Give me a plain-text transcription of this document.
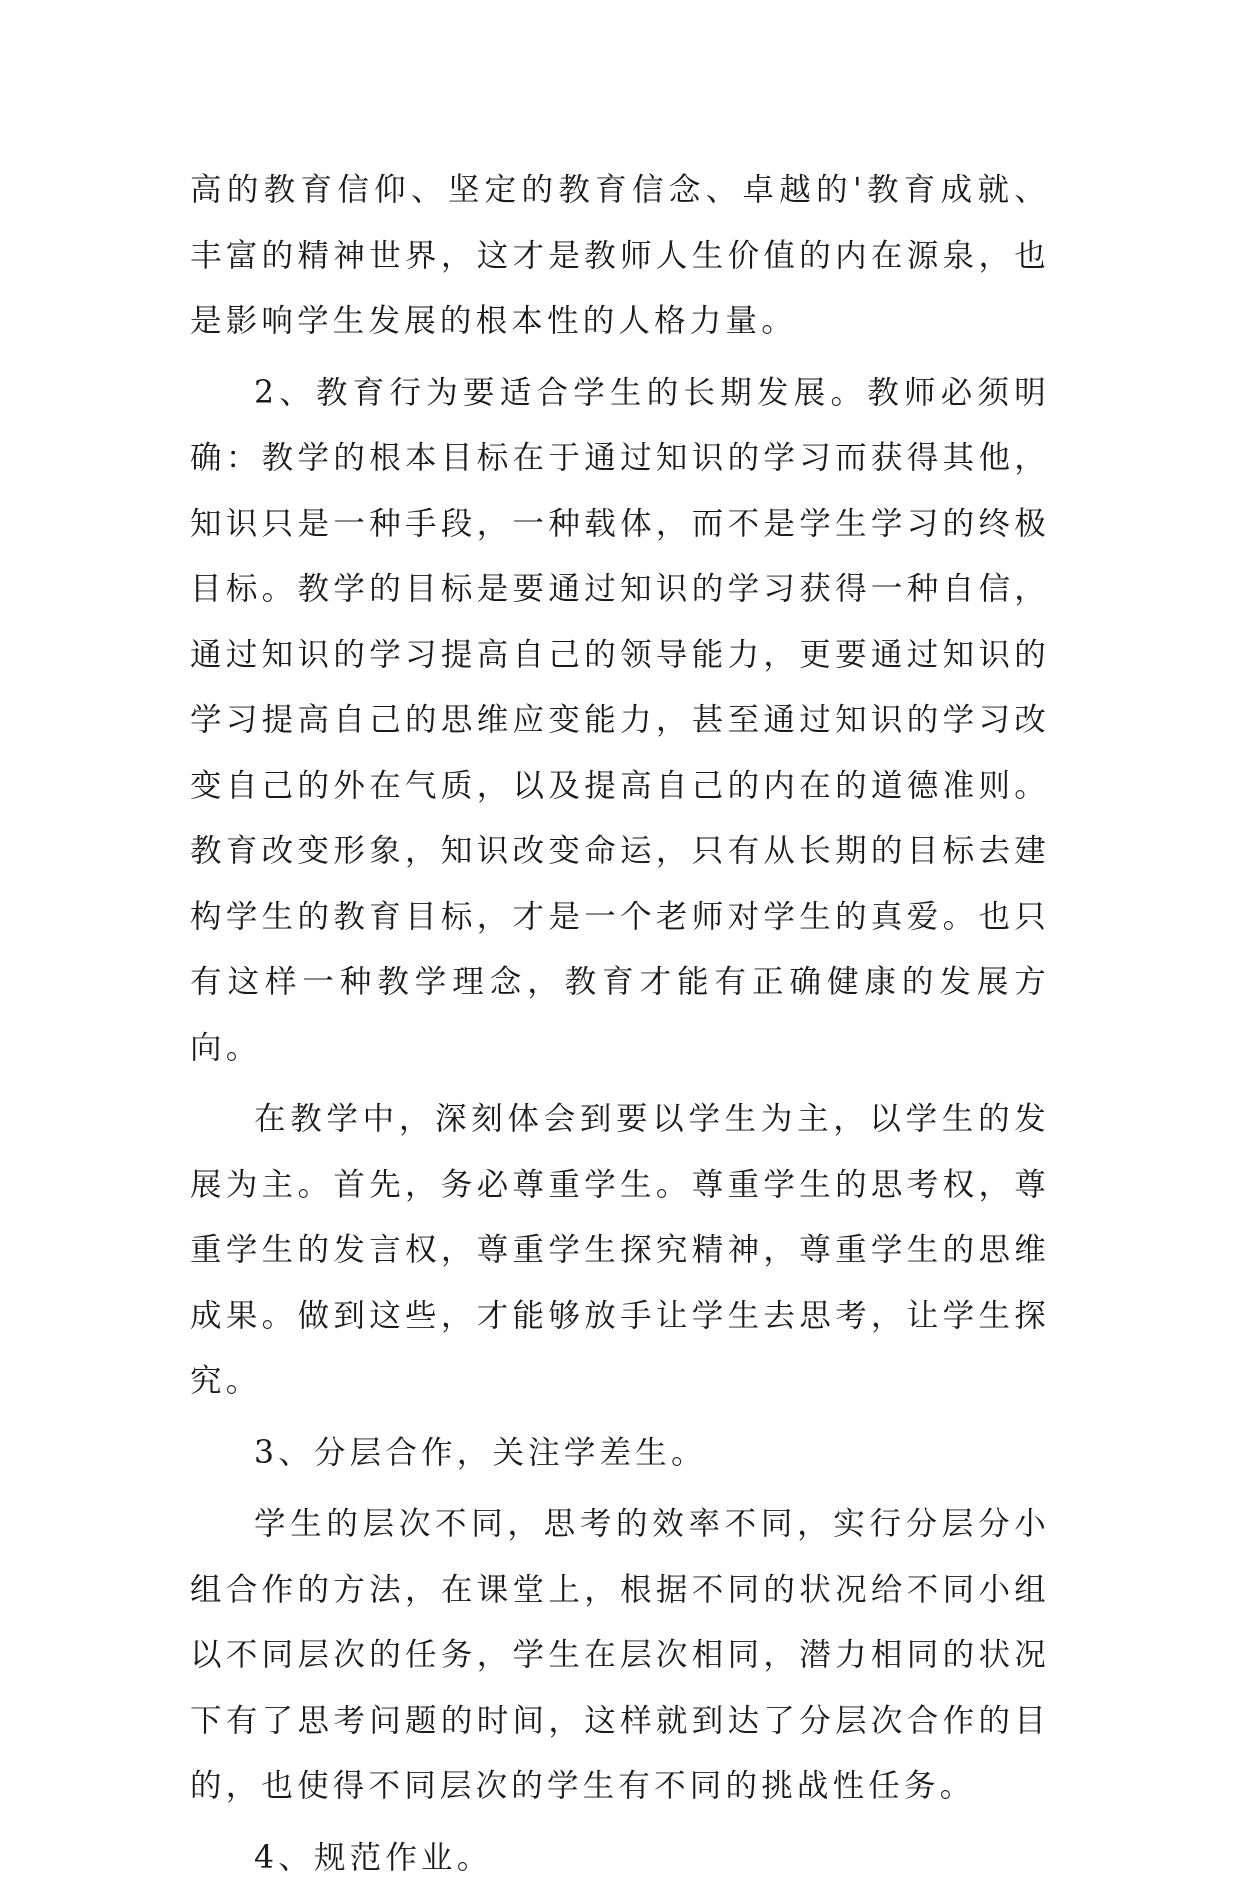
高的教育信仰、坚定的教育信念、卓越的'教育成就、丰富的精神世界，这才是教师人生价值的内在源泉，也是影响学生发展的根本性的人格力量。

2、教育行为要适合学生的长期发展。教师必须明确：教学的根本目标在于通过知识的学习而获得其他，知识只是一种手段，一种载体，而不是学生学习的终极目标。教学的目标是要通过知识的学习获得一种自信，通过知识的学习提高自己的领导能力，更要通过知识的学习提高自己的思维应变能力，甚至通过知识的学习改变自己的外在气质，以及提高自己的内在的道德准则。教育改变形象，知识改变命运，只有从长期的目标去建构学生的教育目标，才是一个老师对学生的真爱。也只有这样一种教学理念，教育才能有正确健康的发展方向。

在教学中，深刻体会到要以学生为主，以学生的发展为主。首先，务必尊重学生。尊重学生的思考权，尊重学生的发言权，尊重学生探究精神，尊重学生的思维成果。做到这些，才能够放手让学生去思考，让学生探究。

3、分层合作，关注学差生。

学生的层次不同，思考的效率不同，实行分层分小组合作的方法，在课堂上，根据不同的状况给不同小组以不同层次的任务，学生在层次相同，潜力相同的状况下有了思考问题的时间，这样就到达了分层次合作的目的，也使得不同层次的学生有不同的挑战性任务。

4、规范作业。
